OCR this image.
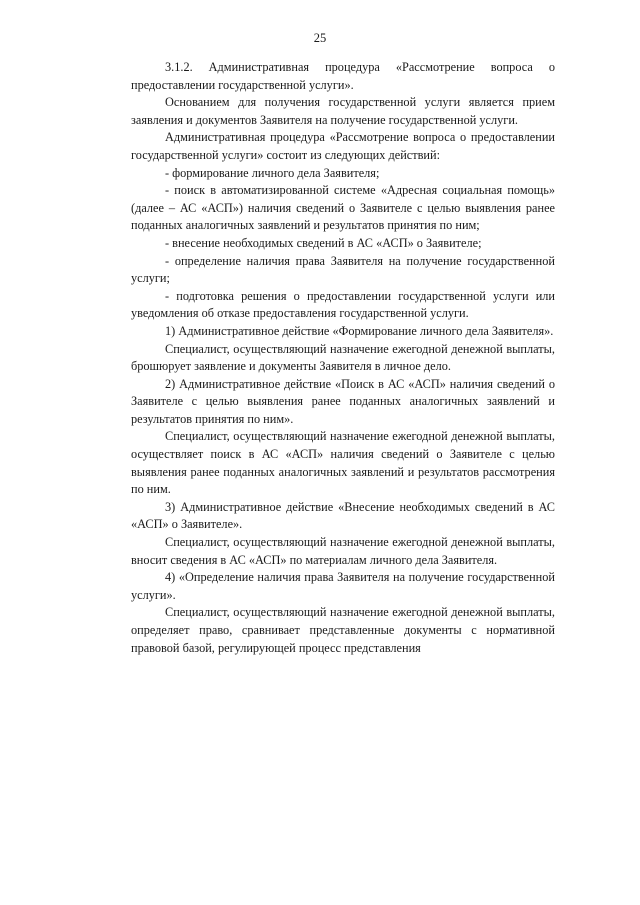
25

3.1.2. Административная процедура «Рассмотрение вопроса о предоставлении государственной услуги».

Основанием для получения государственной услуги является прием заявления и документов Заявителя на получение государственной услуги.

Административная процедура «Рассмотрение вопроса о предоставлении государственной услуги» состоит из следующих действий:

- формирование личного дела Заявителя;

- поиск в автоматизированной системе «Адресная социальная помощь» (далее – АС «АСП») наличия сведений о Заявителе с целью выявления ранее поданных аналогичных заявлений и результатов принятия по ним;

- внесение необходимых сведений в АС «АСП» о Заявителе;

- определение наличия права Заявителя на получение государственной услуги;

- подготовка решения о предоставлении государственной услуги или уведомления об отказе предоставления государственной услуги.

1) Административное действие «Формирование личного дела Заявителя».

Специалист, осуществляющий назначение ежегодной денежной выплаты, брошюрует заявление и документы Заявителя в личное дело.

2) Административное действие «Поиск в АС «АСП» наличия сведений о Заявителе с целью выявления ранее поданных аналогичных заявлений и результатов принятия по ним».

Специалист, осуществляющий назначение ежегодной денежной выплаты, осуществляет поиск в АС «АСП» наличия сведений о Заявителе с целью выявления ранее поданных аналогичных заявлений и результатов рассмотрения по ним.

3) Административное действие «Внесение необходимых сведений в АС «АСП» о Заявителе».

Специалист, осуществляющий назначение ежегодной денежной выплаты, вносит сведения в АС «АСП» по материалам личного дела Заявителя.

4) «Определение наличия права Заявителя на получение государственной услуги».

Специалист, осуществляющий назначение ежегодной денежной выплаты, определяет право, сравнивает представленные документы с нормативной правовой базой, регулирующей процесс представления
